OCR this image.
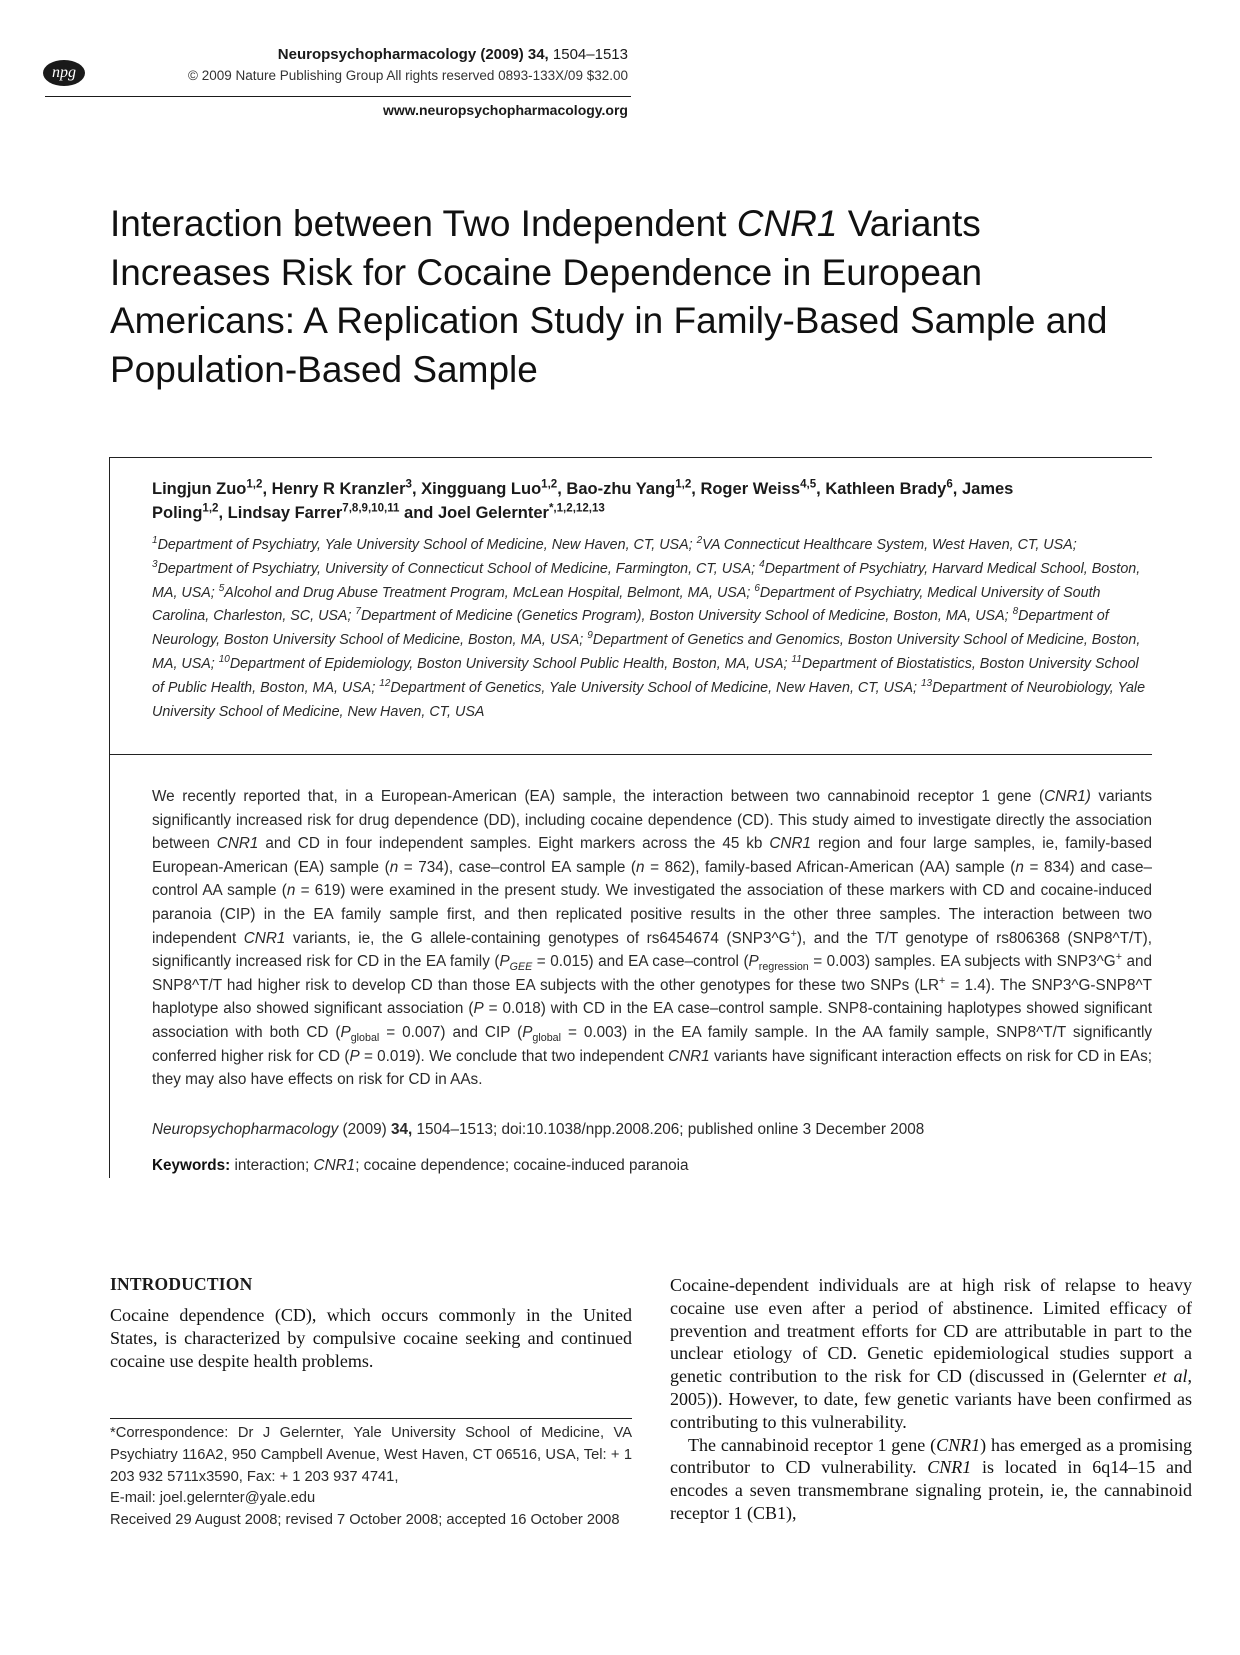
npg
Neuropsychopharmacology (2009) 34, 1504–1513
© 2009 Nature Publishing Group All rights reserved 0893-133X/09 $32.00
www.neuropsychopharmacology.org
Interaction between Two Independent CNR1 Variants Increases Risk for Cocaine Dependence in European Americans: A Replication Study in Family-Based Sample and Population-Based Sample
Lingjun Zuo$^{1,2}$, Henry R Kranzler$^3$, Xingguang Luo$^{1,2}$, Bao-zhu Yang$^{1,2}$, Roger Weiss$^{4,5}$, Kathleen Brady$^6$, James Poling$^{1,2}$, Lindsay Farrer$^{7,8,9,10,11}$ and Joel Gelernter$^{*,1,2,12,13}$
$^1$Department of Psychiatry, Yale University School of Medicine, New Haven, CT, USA; $^2$VA Connecticut Healthcare System, West Haven, CT, USA; $^3$Department of Psychiatry, University of Connecticut School of Medicine, Farmington, CT, USA; $^4$Department of Psychiatry, Harvard Medical School, Boston, MA, USA; $^5$Alcohol and Drug Abuse Treatment Program, McLean Hospital, Belmont, MA, USA; $^6$Department of Psychiatry, Medical University of South Carolina, Charleston, SC, USA; $^7$Department of Medicine (Genetics Program), Boston University School of Medicine, Boston, MA, USA; $^8$Department of Neurology, Boston University School of Medicine, Boston, MA, USA; $^9$Department of Genetics and Genomics, Boston University School of Medicine, Boston, MA, USA; $^{10}$Department of Epidemiology, Boston University School Public Health, Boston, MA, USA; $^{11}$Department of Biostatistics, Boston University School of Public Health, Boston, MA, USA; $^{12}$Department of Genetics, Yale University School of Medicine, New Haven, CT, USA; $^{13}$Department of Neurobiology, Yale University School of Medicine, New Haven, CT, USA

We recently reported that, in a European-American (EA) sample, the interaction between two cannabinoid receptor 1 gene (CNR1) variants significantly increased risk for drug dependence (DD), including cocaine dependence (CD). This study aimed to investigate directly the association between CNR1 and CD in four independent samples. Eight markers across the 45 kb CNR1 region and four large samples, ie, family-based European-American (EA) sample (n = 734), case–control EA sample (n = 862), family-based African-American (AA) sample (n = 834) and case–control AA sample (n = 619) were examined in the present study. We investigated the association of these markers with CD and cocaine-induced paranoia (CIP) in the EA family sample first, and then replicated positive results in the other three samples. The interaction between two independent CNR1 variants, ie, the G allele-containing genotypes of rs6454674 (SNP3^G+), and the T/T genotype of rs806368 (SNP8^T/T), significantly increased risk for CD in the EA family $(P_{GEE} = 0.015)$ and EA case–control $(P_{regression} = 0.003)$ samples. EA subjects with SNP3^G+ and SNP8^T/T had higher risk to develop CD than those EA subjects with the other genotypes for these two SNPs (LR+ = 1.4). The SNP3^G-SNP8^T haplotype also showed significant association (P = 0.018) with CD in the EA case–control sample. SNP8-containing haplotypes showed significant association with both CD $(P_{global} = 0.007)$ and CIP $(P_{global} = 0.003)$ in the EA family sample. In the AA family sample, SNP8^T/T significantly conferred higher risk for CD (P = 0.019). We conclude that two independent CNR1 variants have significant interaction effects on risk for CD in EAs; they may also have effects on risk for CD in AAs.

Neuropsychopharmacology (2009) 34, 1504–1513; doi:10.1038/npp.2008.206; published online 3 December 2008
Keywords: interaction; CNR1; cocaine dependence; cocaine-induced paranoia
INTRODUCTION

Cocaine dependence (CD), which occurs commonly in the United States, is characterized by compulsive cocaine seeking and continued cocaine use despite health problems.

*Correspondence: Dr J Gelernter, Yale University School of Medicine, VA Psychiatry 116A2, 950 Campbell Avenue, West Haven, CT 06516, USA, Tel: + 1 203 932 5711x3590, Fax: + 1 203 937 4741,

E-mail: joel.gelernter@yale.edu

Received 29 August 2008; revised 7 October 2008; accepted 16 October 2008

Cocaine-dependent individuals are at high risk of relapse to heavy cocaine use even after a period of abstinence. Limited efficacy of prevention and treatment efforts for CD are attributable in part to the unclear etiology of CD. Genetic epidemiological studies support a genetic contribution to the risk for CD (discussed in (Gelernter et al, 2005)). However, to date, few genetic variants have been confirmed as contributing to this vulnerability.

The cannabinoid receptor 1 gene (CNR1) has emerged as a promising contributor to CD vulnerability. CNR1 is located in 6q14–15 and encodes a seven transmembrane signaling protein, ie, the cannabinoid receptor 1 (CB1),
